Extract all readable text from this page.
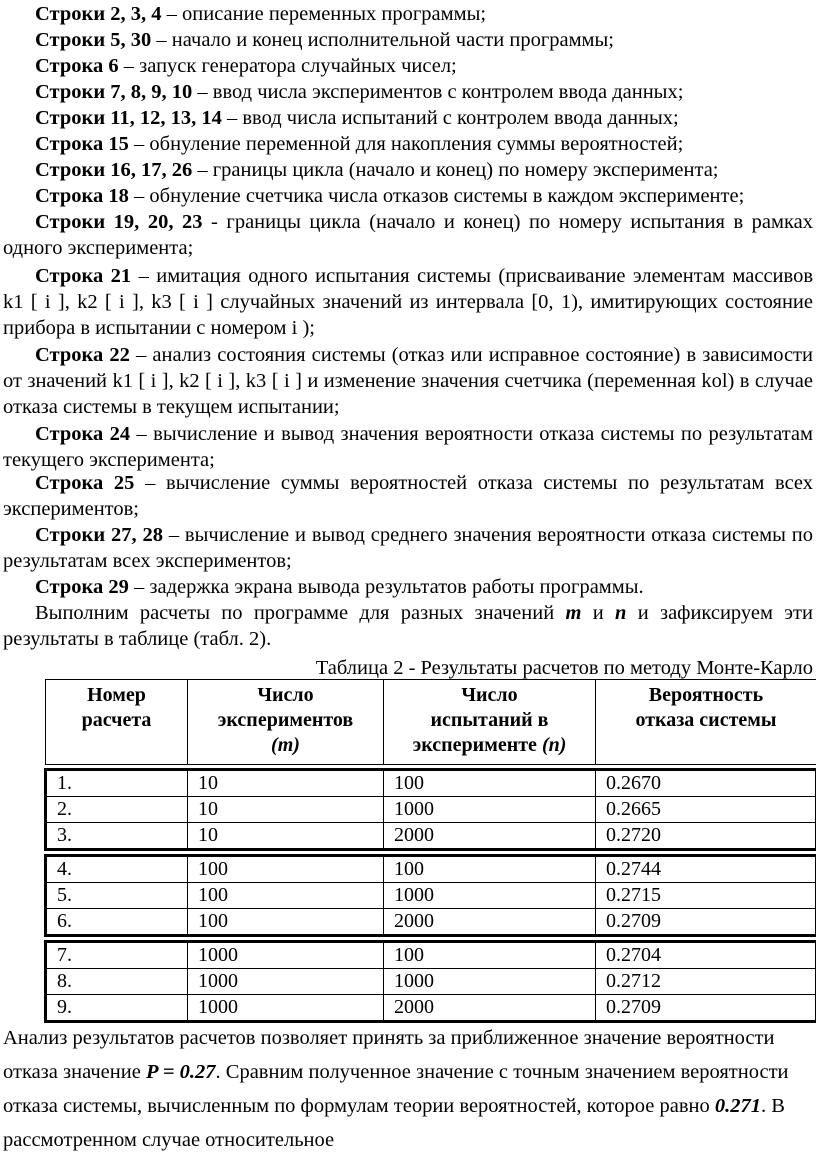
Строки 2, 3, 4 – описание переменных программы;

Строки 5, 30 – начало и конец исполнительной части программы;

Строка 6 – запуск генератора случайных чисел;

Строки 7, 8, 9, 10 – ввод числа экспериментов с контролем ввода данных;

Строки 11, 12, 13, 14 – ввод числа испытаний с контролем ввода данных;

Строка 15 – обнуление переменной для накопления суммы вероятностей;

Строки 16, 17, 26 – границы цикла (начало и конец) по номеру эксперимента;

Строка 18 – обнуление счетчика числа отказов системы в каждом эксперименте;

Строки 19, 20, 23 - границы цикла (начало и конец) по номеру испытания в рамках одного эксперимента;

Строка 21 – имитация одного испытания системы (присваивание элементам массивов k1 [ i ], k2 [ i ], k3 [ i ] случайных значений из интервала [0, 1), имитирующих состояние прибора в испытании с номером i );

Строка 22 – анализ состояния системы (отказ или исправное состояние) в зависимости от значений k1 [ i ], k2 [ i ], k3 [ i ] и изменение значения счетчика (переменная kol) в случае отказа системы в текущем испытании;

Строка 24 – вычисление и вывод значения вероятности отказа системы по результатам текущего эксперимента;

Строка 25 – вычисление суммы вероятностей отказа системы по результатам всех экспериментов;

Строки 27, 28 – вычисление и вывод среднего значения вероятности отказа системы по результатам всех экспериментов;

Строка 29 – задержка экрана вывода результатов работы программы.

Выполним расчеты по программе для разных значений m и n и зафиксируем эти результаты в таблице (табл. 2).

Таблица 2 - Результаты расчетов по методу Монте-Карло
Номер
расчета	Число
экспериментов
(m)	Число
испытаний в
эксперименте (n)	Вероятность
отказа системы

1.	10	100	0.2670
2.	10	1000	0.2665
3.	10	2000	0.2720

4.	100	100	0.2744
5.	100	1000	0.2715
6.	100	2000	0.2709

7.	1000	100	0.2704
8.	1000	1000	0.2712
9.	1000	2000	0.2709

Анализ результатов расчетов позволяет принять за приближенное значение вероятности отказа значение P = 0.27. Сравним полученное значение с точным значением вероятности отказа системы, вычисленным по формулам теории вероятностей, которое равно 0.271. В рассмотренном случае относительное
